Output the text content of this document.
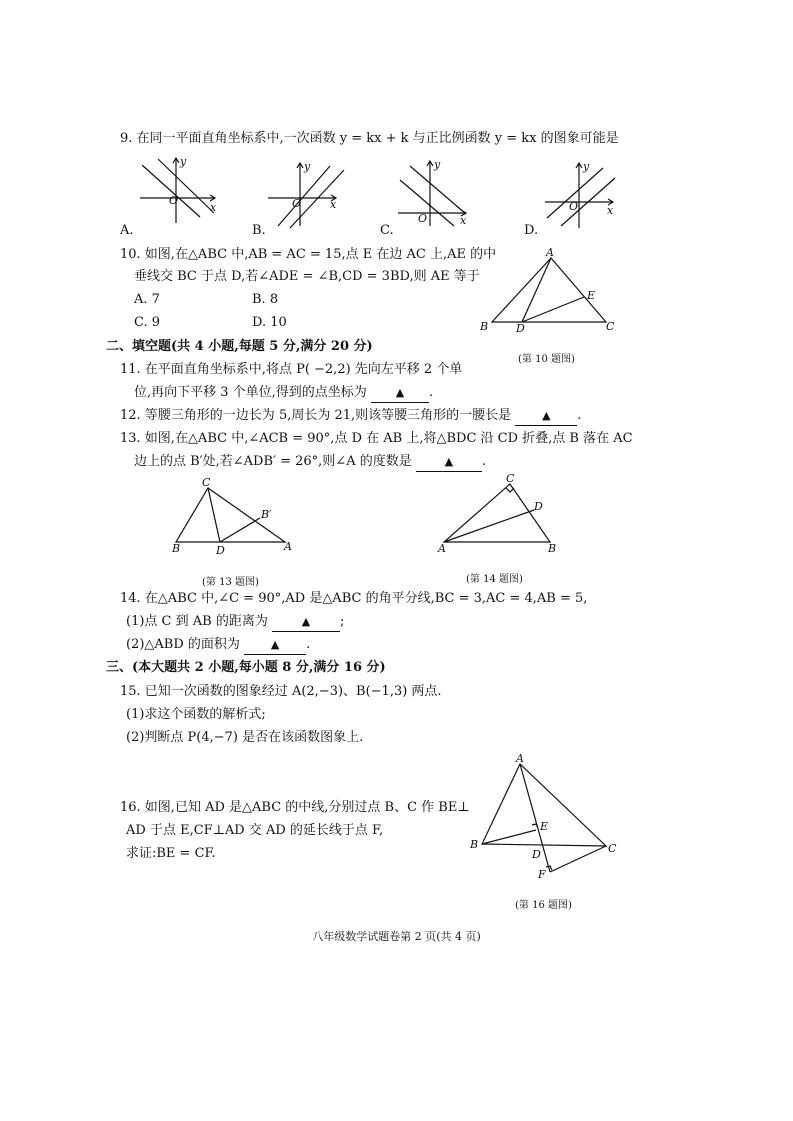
9. 在同一平面直角坐标系中,一次函数 y = kx + k 与正比例函数 y = kx 的图象可能是
O
x
y
A.
O	x
y
B.
O	x
y
C.
O	x
y
D.
10. 如图,在△ABC 中,AB = AC = 15,点 E 在边 AC 上,AE 的中
垂线交 BC 于点 D,若∠ADE = ∠B,CD = 3BD,则 AE 等于
A. 7	B. 8
C. 9	D. 10
A
B	C
D
E
(第 10 题图)
二、填空题(共 4 小题,每题 5 分,满分 20 分)
11. 在平面直角坐标系中,将点 P( −2,2) 先向左平移 2 个单
位,再向下平移 3 个单位,得到的点坐标为	▲ .
12. 等腰三角形的一边长为 5,周长为 21,则该等腰三角形的一腰长是	▲ .
13. 如图,在△ABC 中,∠ACB = 90°,点 D 在 AB 上,将△BDC 沿 CD 折叠,点 B 落在 AC
边上的点 B′处,若∠ADB′ = 26°,则∠A 的度数是	▲ .
C
B	A
D
B′
(第 13 题图)
C
A	B
D
(第 14 题图)
14. 在△ABC 中,∠C = 90°,AD 是△ABC 的角平分线,BC = 3,AC = 4,AB = 5,
(1)点 C 到 AB 的距离为	▲ ;
(2)△ABD 的面积为	▲ .
三、(本大题共 2 小题,每小题 8 分,满分 16 分)
15. 已知一次函数的图象经过 A(2,−3)、B(−1,3) 两点.
(1)求这个函数的解析式;
(2)判断点 P(4,−7) 是否在该函数图象上.
16. 如图,已知 AD 是△ABC 的中线,分别过点 B、C 作 BE⊥
AD 于点 E,CF⊥AD 交 AD 的延长线于点 F,
求证:BE = CF.
A
B	C
D
E
F
(第 16 题图)
八年级数学试题卷第 2 页(共 4 页)
